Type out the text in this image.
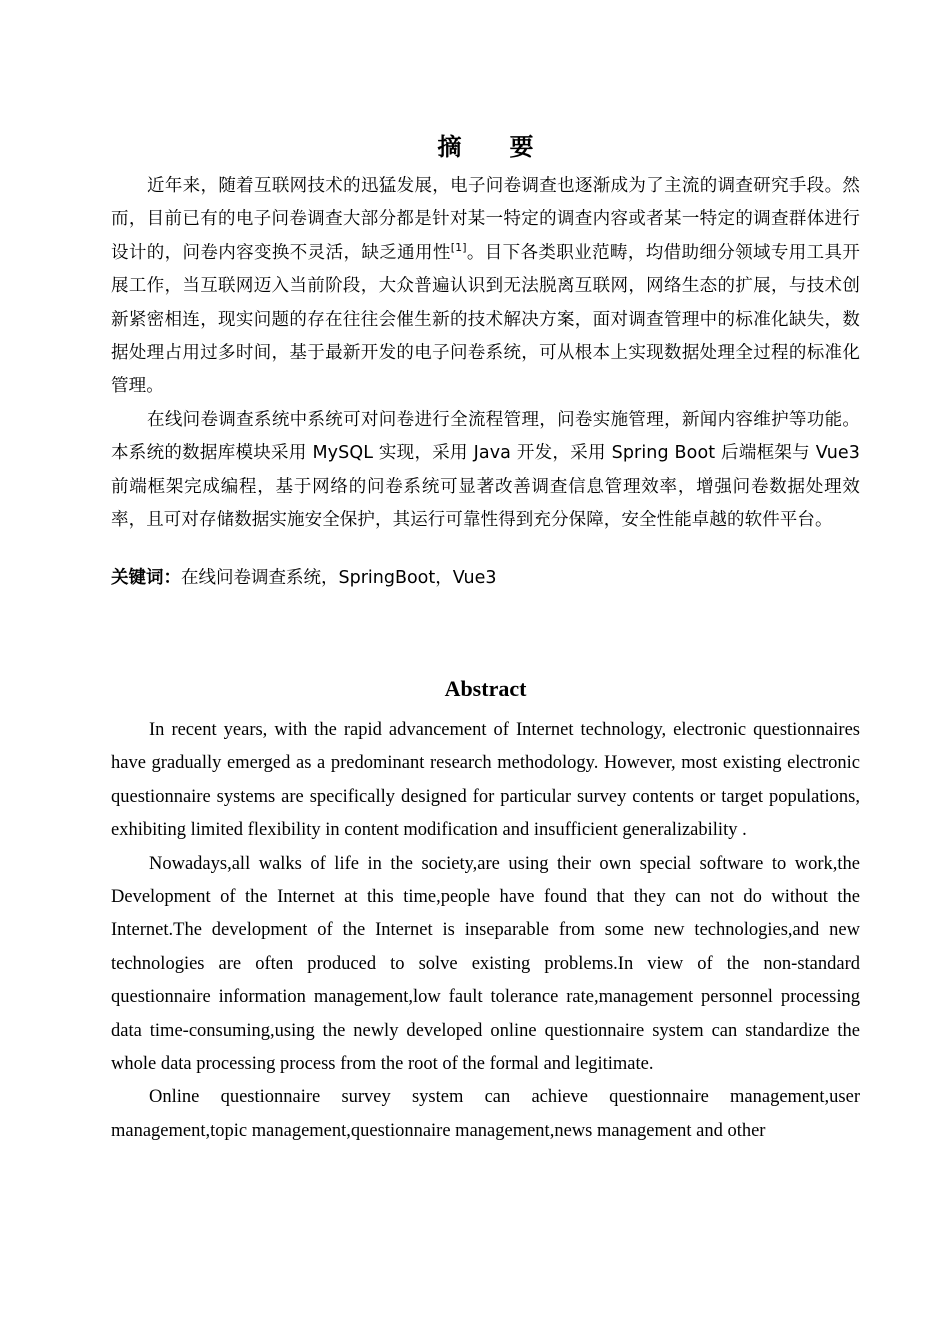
摘　　要

近年来，随着互联网技术的迅猛发展，电子问卷调查也逐渐成为了主流的调查研究手段。然而，目前已有的电子问卷调查大部分都是针对某一特定的调查内容或者某一特定的调查群体进行设计的，问卷内容变换不灵活，缺乏通用性[1]。目下各类职业范畴，均借助细分领域专用工具开展工作，当互联网迈入当前阶段，大众普遍认识到无法脱离互联网，网络生态的扩展，与技术创新紧密相连，现实问题的存在往往会催生新的技术解决方案，面对调查管理中的标准化缺失，数据处理占用过多时间，基于最新开发的电子问卷系统，可从根本上实现数据处理全过程的标准化管理。

在线问卷调查系统中系统可对问卷进行全流程管理，问卷实施管理，新闻内容维护等功能。本系统的数据库模块采用 MySQL 实现，采用 Java 开发，采用 Spring Boot 后端框架与 Vue3 前端框架完成编程，基于网络的问卷系统可显著改善调查信息管理效率，增强问卷数据处理效率，且可对存储数据实施安全保护，其运行可靠性得到充分保障，安全性能卓越的软件平台。

关键词：在线问卷调查系统，SpringBoot，Vue3

Abstract

In recent years, with the rapid advancement of Internet technology, electronic questionnaires have gradually emerged as a predominant research methodology. However, most existing electronic questionnaire systems are specifically designed for particular survey contents or target populations, exhibiting limited flexibility in content modification and insufficient generalizability .

Nowadays,all walks of life in the society,are using their own special software to work,the Development of the Internet at this time,people have found that they can not do without the Internet.The development of the Internet is inseparable from some new technologies,and new technologies are often produced to solve existing problems.In view of the non-standard questionnaire information management,low fault tolerance rate,management personnel processing data time-consuming,using the newly developed online questionnaire system can standardize the whole data processing process from the root of the formal and legitimate.

Online questionnaire survey system can achieve questionnaire management,user management,topic management,questionnaire management,news management and other
